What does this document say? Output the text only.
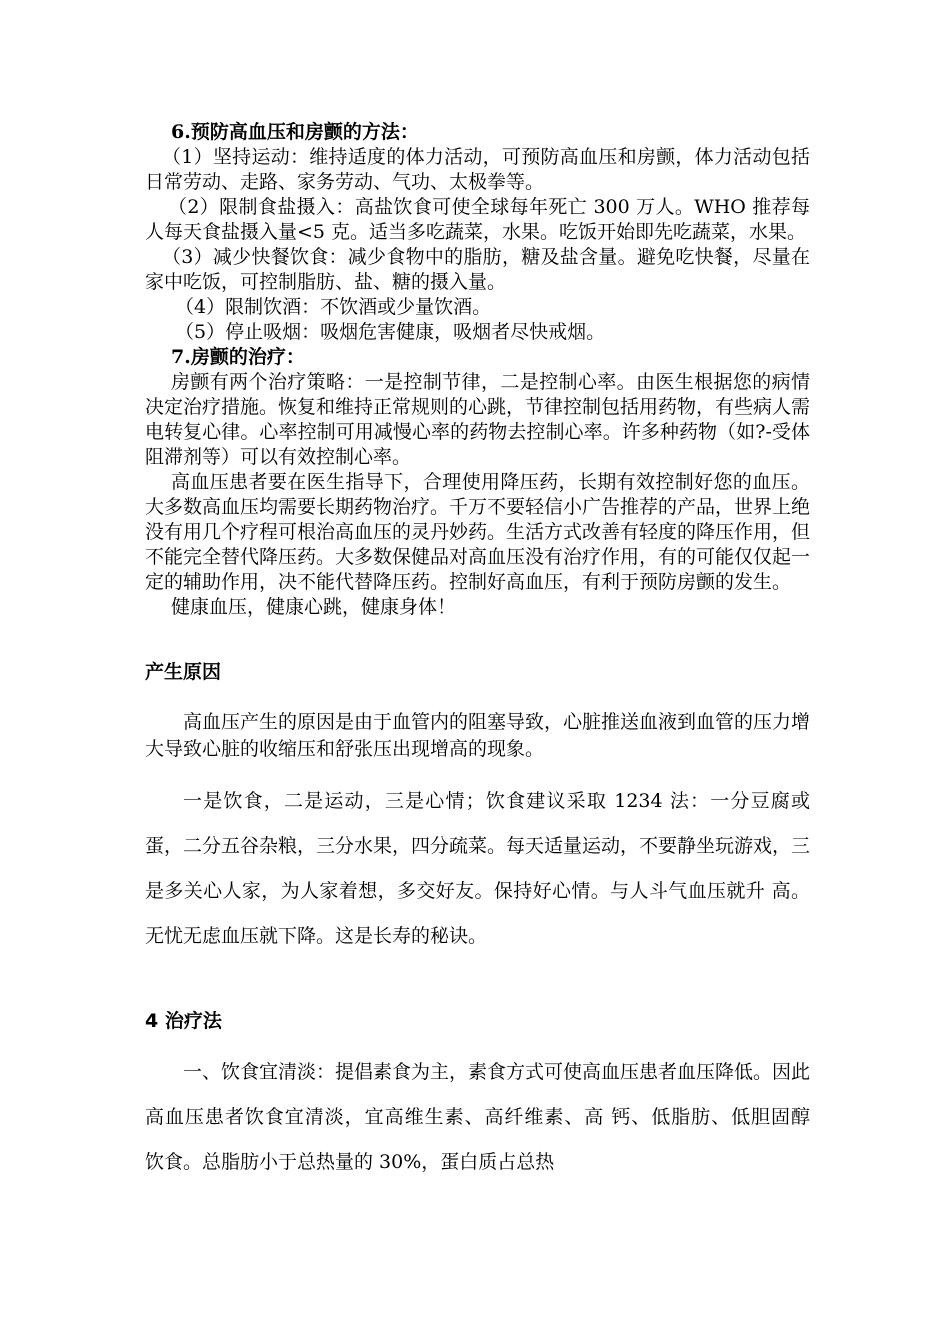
6.预防高血压和房颤的方法：

（1）坚持运动：维持适度的体力活动，可预防高血压和房颤，体力活动包括日常劳动、走路、家务劳动、气功、太极拳等。

（2）限制食盐摄入：高盐饮食可使全球每年死亡 300 万人。WHO 推荐每人每天食盐摄入量<5 克。适当多吃蔬菜，水果。吃饭开始即先吃蔬菜，水果。

（3）减少快餐饮食：减少食物中的脂肪，糖及盐含量。避免吃快餐，尽量在家中吃饭，可控制脂肪、盐、糖的摄入量。

（4）限制饮酒：不饮酒或少量饮酒。

（5）停止吸烟：吸烟危害健康，吸烟者尽快戒烟。

7.房颤的治疗：

房颤有两个治疗策略：一是控制节律，二是控制心率。由医生根据您的病情决定治疗措施。恢复和维持正常规则的心跳，节律控制包括用药物，有些病人需电转复心律。心率控制可用减慢心率的药物去控制心率。许多种药物（如?-受体阻滞剂等）可以有效控制心率。

高血压患者要在医生指导下，合理使用降压药，长期有效控制好您的血压。大多数高血压均需要长期药物治疗。千万不要轻信小广告推荐的产品，世界上绝没有用几个疗程可根治高血压的灵丹妙药。生活方式改善有轻度的降压作用，但不能完全替代降压药。大多数保健品对高血压没有治疗作用，有的可能仅仅起一定的辅助作用，决不能代替降压药。控制好高血压，有利于预防房颤的发生。

健康血压，健康心跳，健康身体！

产生原因

高血压产生的原因是由于血管内的阻塞导致，心脏推送血液到血管的压力增大导致心脏的收缩压和舒张压出现增高的现象。

一是饮食，二是运动，三是心情；饮食建议采取 1234 法：一分豆腐或蛋，二分五谷杂粮，三分水果，四分疏菜。每天适量运动，不要静坐玩游戏，三是多关心人家，为人家着想，多交好友。保持好心情。与人斗气血压就升 高。无忧无虑血压就下降。这是长寿的秘诀。

4 治疗法

一、饮食宜清淡：提倡素食为主，素食方式可使高血压患者血压降低。因此高血压患者饮食宜清淡，宜高维生素、高纤维素、高 钙、低脂肪、低胆固醇　饮食。总脂肪小于总热量的 30%，蛋白质占总热
